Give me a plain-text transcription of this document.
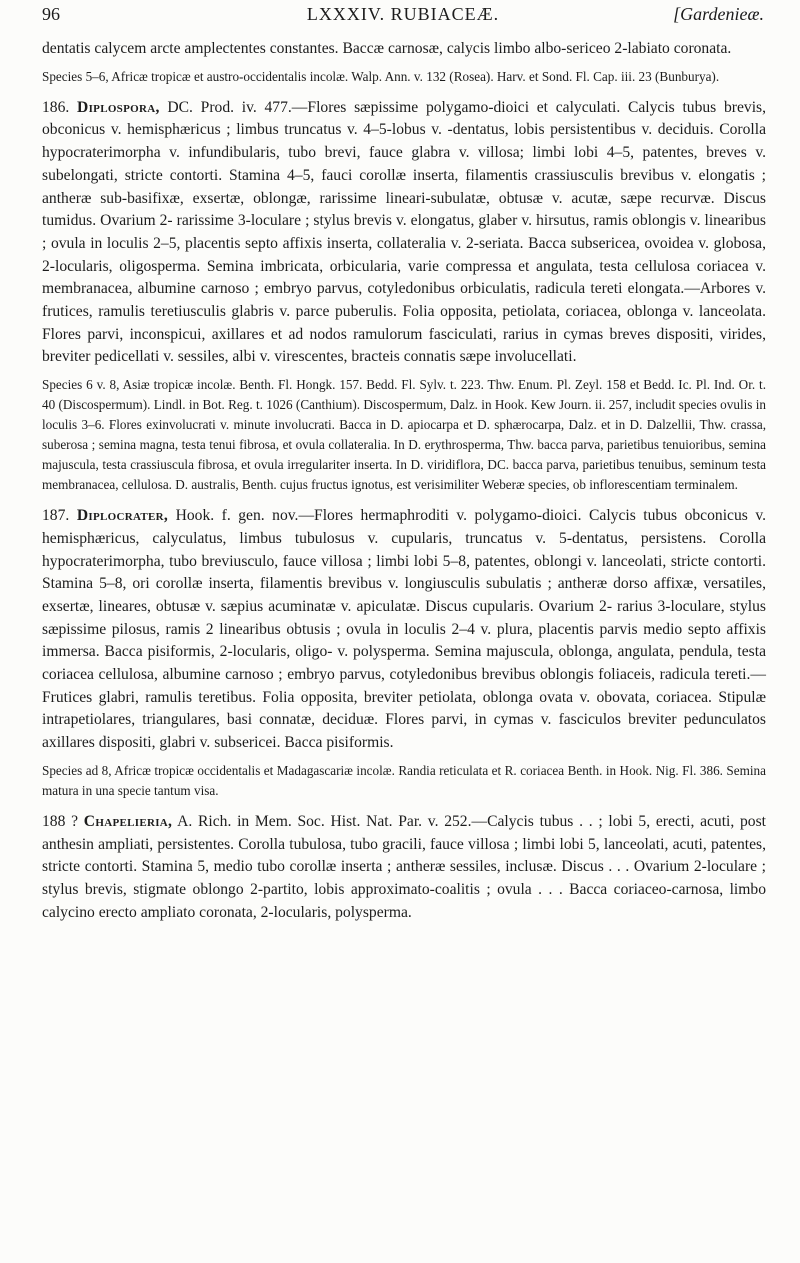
96	LXXXIV. RUBIACEÆ.	[Gardenieæ.

dentatis calycem arcte amplectentes constantes. Baccæ carnosæ, calycis limbo albo-sericeo 2-labiato coronata.

Species 5–6, Africæ tropicæ et austro-occidentalis incolæ. Walp. Ann. v. 132 (Rosea). Harv. et Sond. Fl. Cap. iii. 23 (Bunburya).

186. Diplospora, DC. Prod. iv. 477.—Flores sæpissime polygamo-dioici et calyculati. Calycis tubus brevis, obconicus v. hemisphæricus ; limbus truncatus v. 4–5-lobus v. -dentatus, lobis persistentibus v. deciduis. Corolla hypocraterimorpha v. infundibularis, tubo brevi, fauce glabra v. villosa; limbi lobi 4–5, patentes, breves v. subelongati, stricte contorti. Stamina 4–5, fauci corollæ inserta, filamentis crassiusculis brevibus v. elongatis ; antheræ sub-basifixæ, exsertæ, oblongæ, rarissime lineari-subulatæ, obtusæ v. acutæ, sæpe recurvæ. Discus tumidus. Ovarium 2- rarissime 3-loculare ; stylus brevis v. elongatus, glaber v. hirsutus, ramis oblongis v. linearibus ; ovula in loculis 2–5, placentis septo affixis inserta, collateralia v. 2-seriata. Bacca subsericea, ovoidea v. globosa, 2-locularis, oligosperma. Semina imbricata, orbicularia, varie compressa et angulata, testa cellulosa coriacea v. membranacea, albumine carnoso ; embryo parvus, cotyledonibus orbiculatis, radicula tereti elongata.—Arbores v. frutices, ramulis teretiusculis glabris v. parce puberulis. Folia opposita, petiolata, coriacea, oblonga v. lanceolata. Flores parvi, inconspicui, axillares et ad nodos ramulorum fasciculati, rarius in cymas breves dispositi, virides, breviter pedicellati v. sessiles, albi v. virescentes, bracteis connatis sæpe involucellati.

Species 6 v. 8, Asiæ tropicæ incolæ. Benth. Fl. Hongk. 157. Bedd. Fl. Sylv. t. 223. Thw. Enum. Pl. Zeyl. 158 et Bedd. Ic. Pl. Ind. Or. t. 40 (Discospermum). Lindl. in Bot. Reg. t. 1026 (Canthium). Discospermum, Dalz. in Hook. Kew Journ. ii. 257, includit species ovulis in loculis 3–6. Flores exinvolucrati v. minute involucrati. Bacca in D. apiocarpa et D. sphærocarpa, Dalz. et in D. Dalzellii, Thw. crassa, suberosa ; semina magna, testa tenui fibrosa, et ovula collateralia. In D. erythrosperma, Thw. bacca parva, parietibus tenuioribus, semina majuscula, testa crassiuscula fibrosa, et ovula irregulariter inserta. In D. viridiflora, DC. bacca parva, parietibus tenuibus, seminum testa membranacea, cellulosa. D. australis, Benth. cujus fructus ignotus, est verisimiliter Weberæ species, ob inflorescentiam terminalem.

187. Diplocrater, Hook. f. gen. nov.—Flores hermaphroditi v. polygamo-dioici. Calycis tubus obconicus v. hemisphæricus, calyculatus, limbus tubulosus v. cupularis, truncatus v. 5-dentatus, persistens. Corolla hypocraterimorpha, tubo breviusculo, fauce villosa ; limbi lobi 5–8, patentes, oblongi v. lanceolati, stricte contorti. Stamina 5–8, ori corollæ inserta, filamentis brevibus v. longiusculis subulatis ; antheræ dorso affixæ, versatiles, exsertæ, lineares, obtusæ v. sæpius acuminatæ v. apiculatæ. Discus cupularis. Ovarium 2- rarius 3-loculare, stylus sæpissime pilosus, ramis 2 linearibus obtusis ; ovula in loculis 2–4 v. plura, placentis parvis medio septo affixis immersa. Bacca pisiformis, 2-locularis, oligo- v. polysperma. Semina majuscula, oblonga, angulata, pendula, testa coriacea cellulosa, albumine carnoso ; embryo parvus, cotyledonibus brevibus oblongis foliaceis, radicula tereti.—Frutices glabri, ramulis teretibus. Folia opposita, breviter petiolata, oblonga ovata v. obovata, coriacea. Stipulæ intrapetiolares, triangulares, basi connatæ, deciduæ. Flores parvi, in cymas v. fasciculos breviter pedunculatos axillares dispositi, glabri v. subsericei. Bacca pisiformis.

Species ad 8, Africæ tropicæ occidentalis et Madagascariæ incolæ. Randia reticulata et R. coriacea Benth. in Hook. Nig. Fl. 386. Semina matura in una specie tantum visa.

188 ? Chapelieria, A. Rich. in Mem. Soc. Hist. Nat. Par. v. 252.—Calycis tubus . . ; lobi 5, erecti, acuti, post anthesin ampliati, persistentes. Corolla tubulosa, tubo gracili, fauce villosa ; limbi lobi 5, lanceolati, acuti, patentes, stricte contorti. Stamina 5, medio tubo corollæ inserta ; antheræ sessiles, inclusæ. Discus . . . Ovarium 2-loculare ; stylus brevis, stigmate oblongo 2-partito, lobis approximato-coalitis ; ovula . . . Bacca coriaceo-carnosa, limbo calycino erecto ampliato coronata, 2-locularis, polysperma.
